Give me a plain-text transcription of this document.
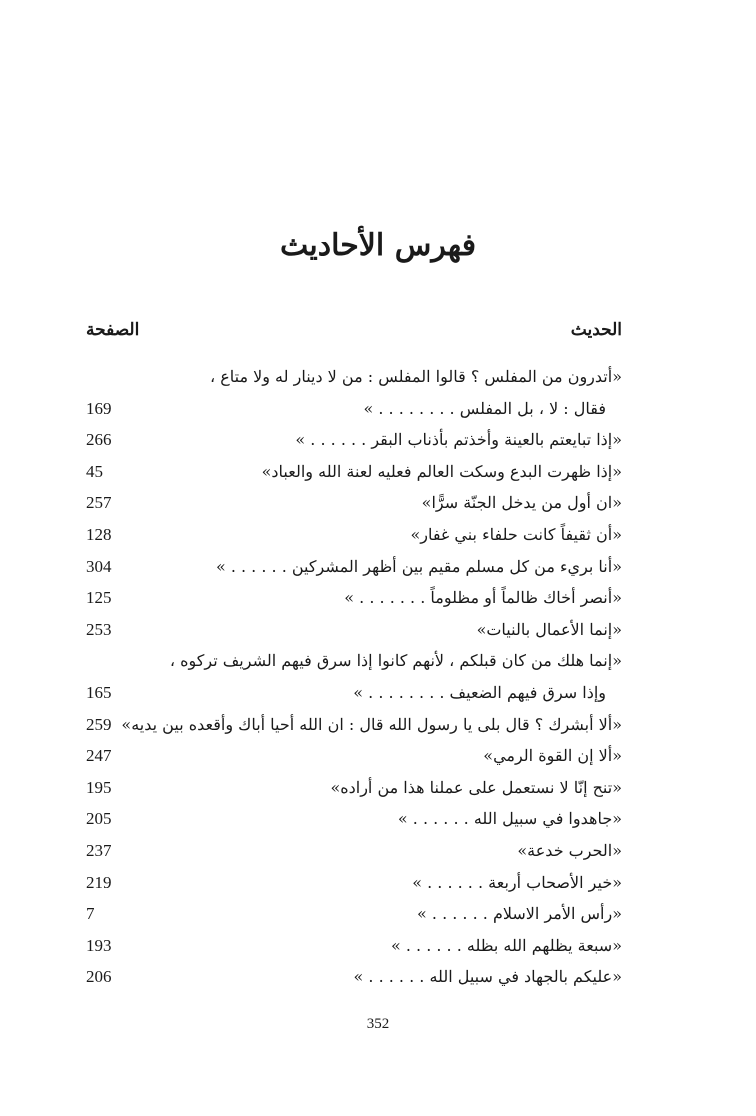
فهرس الأحاديث
الحديث
الصفحة
«أتدرون من المفلس ؟ قالوا المفلس : من لا دينار له ولا متاع ،
فقال : لا ، بل المفلس . . . . . . . . »
169
«إذا تبايعتم بالعينة وأخذتم بأذناب البقر . . . . . . »
266
«إذا ظهرت البدع وسكت العالم فعليه لعنة الله والعباد»
45
«ان أول من يدخل الجنّة سرًّا»
257
«أن ثقيفاً كانت حلفاء بني غفار»
128
«أنا بريء من كل مسلم مقيم بين أظهر المشركين . . . . . . »
304
«أنصر أخاك ظالماً أو مظلوماً . . . . . . . »
125
«إنما الأعمال بالنيات»
253
«إنما هلك من كان قبلكم ، لأنهم كانوا إذا سرق فيهم الشريف تركوه ،
وإذا سرق فيهم الضعيف . . . . . . . . »
165
«ألا أبشرك ؟ قال بلى يا رسول الله قال : ان الله أحيا أباك وأقعده بين يديه»
259
«ألا إن القوة الرمي»
247
«تنح إنّا لا نستعمل على عملنا هذا من أراده»
195
«جاهدوا في سبيل الله . . . . . . »
205
«الحرب خدعة»
237
«خير الأصحاب أربعة . . . . . . »
219
«رأس الأمر الاسلام . . . . . . »
7
«سبعة يظلهم الله بظله . . . . . . »
193
«عليكم بالجهاد في سبيل الله . . . . . . »
206
352
